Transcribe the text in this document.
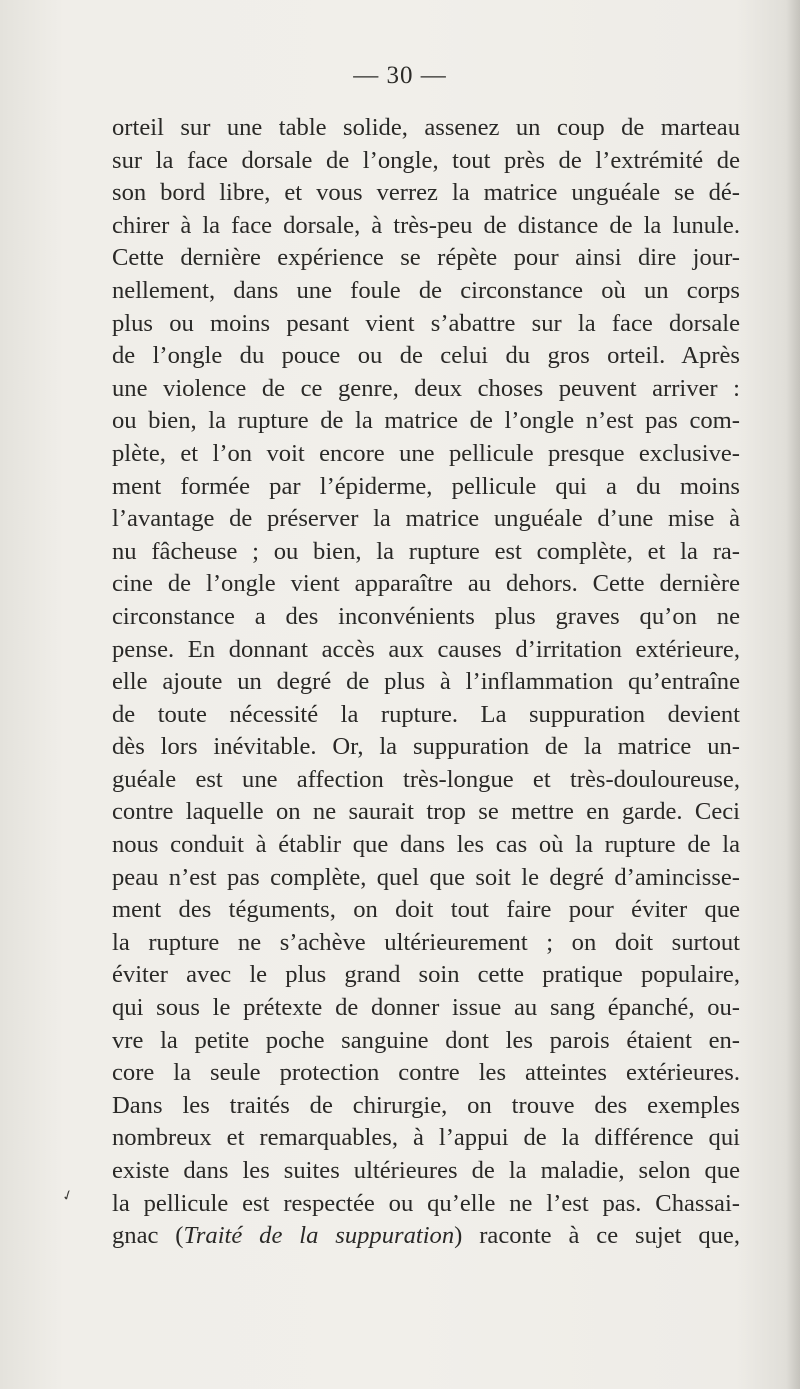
— 30 —
orteil sur une table solide, assenez un coup de marteau
sur la face dorsale de l’ongle, tout près de l’extrémité de
son bord libre, et vous verrez la matrice unguéale se dé-
chirer à la face dorsale, à très-peu de distance de la lunule.
Cette dernière expérience se répète pour ainsi dire jour-
nellement, dans une foule de circonstance où un corps
plus ou moins pesant vient s’abattre sur la face dorsale
de l’ongle du pouce ou de celui du gros orteil. Après
une violence de ce genre, deux choses peuvent arriver :
ou bien, la rupture de la matrice de l’ongle n’est pas com-
plète, et l’on voit encore une pellicule presque exclusive-
ment formée par l’épiderme, pellicule qui a du moins
l’avantage de préserver la matrice unguéale d’une mise à
nu fâcheuse ; ou bien, la rupture est complète, et la ra-
cine de l’ongle vient apparaître au dehors. Cette dernière
circonstance a des inconvénients plus graves qu’on ne
pense. En donnant accès aux causes d’irritation extérieure,
elle ajoute un degré de plus à l’inflammation qu’entraîne
de toute nécessité la rupture. La suppuration devient
dès lors inévitable. Or, la suppuration de la matrice un-
guéale est une affection très-longue et très-douloureuse,
contre laquelle on ne saurait trop se mettre en garde. Ceci
nous conduit à établir que dans les cas où la rupture de la
peau n’est pas complète, quel que soit le degré d’amincisse-
ment des téguments, on doit tout faire pour éviter que
la rupture ne s’achève ultérieurement ; on doit surtout
éviter avec le plus grand soin cette pratique populaire,
qui sous le prétexte de donner issue au sang épanché, ou-
vre la petite poche sanguine dont les parois étaient en-
core la seule protection contre les atteintes extérieures.
Dans les traités de chirurgie, on trouve des exemples
nombreux et remarquables, à l’appui de la différence qui
existe dans les suites ultérieures de la maladie, selon que
la pellicule est respectée ou qu’elle ne l’est pas. Chassai-
gnac (Traité de la suppuration) raconte à ce sujet que,
✓
